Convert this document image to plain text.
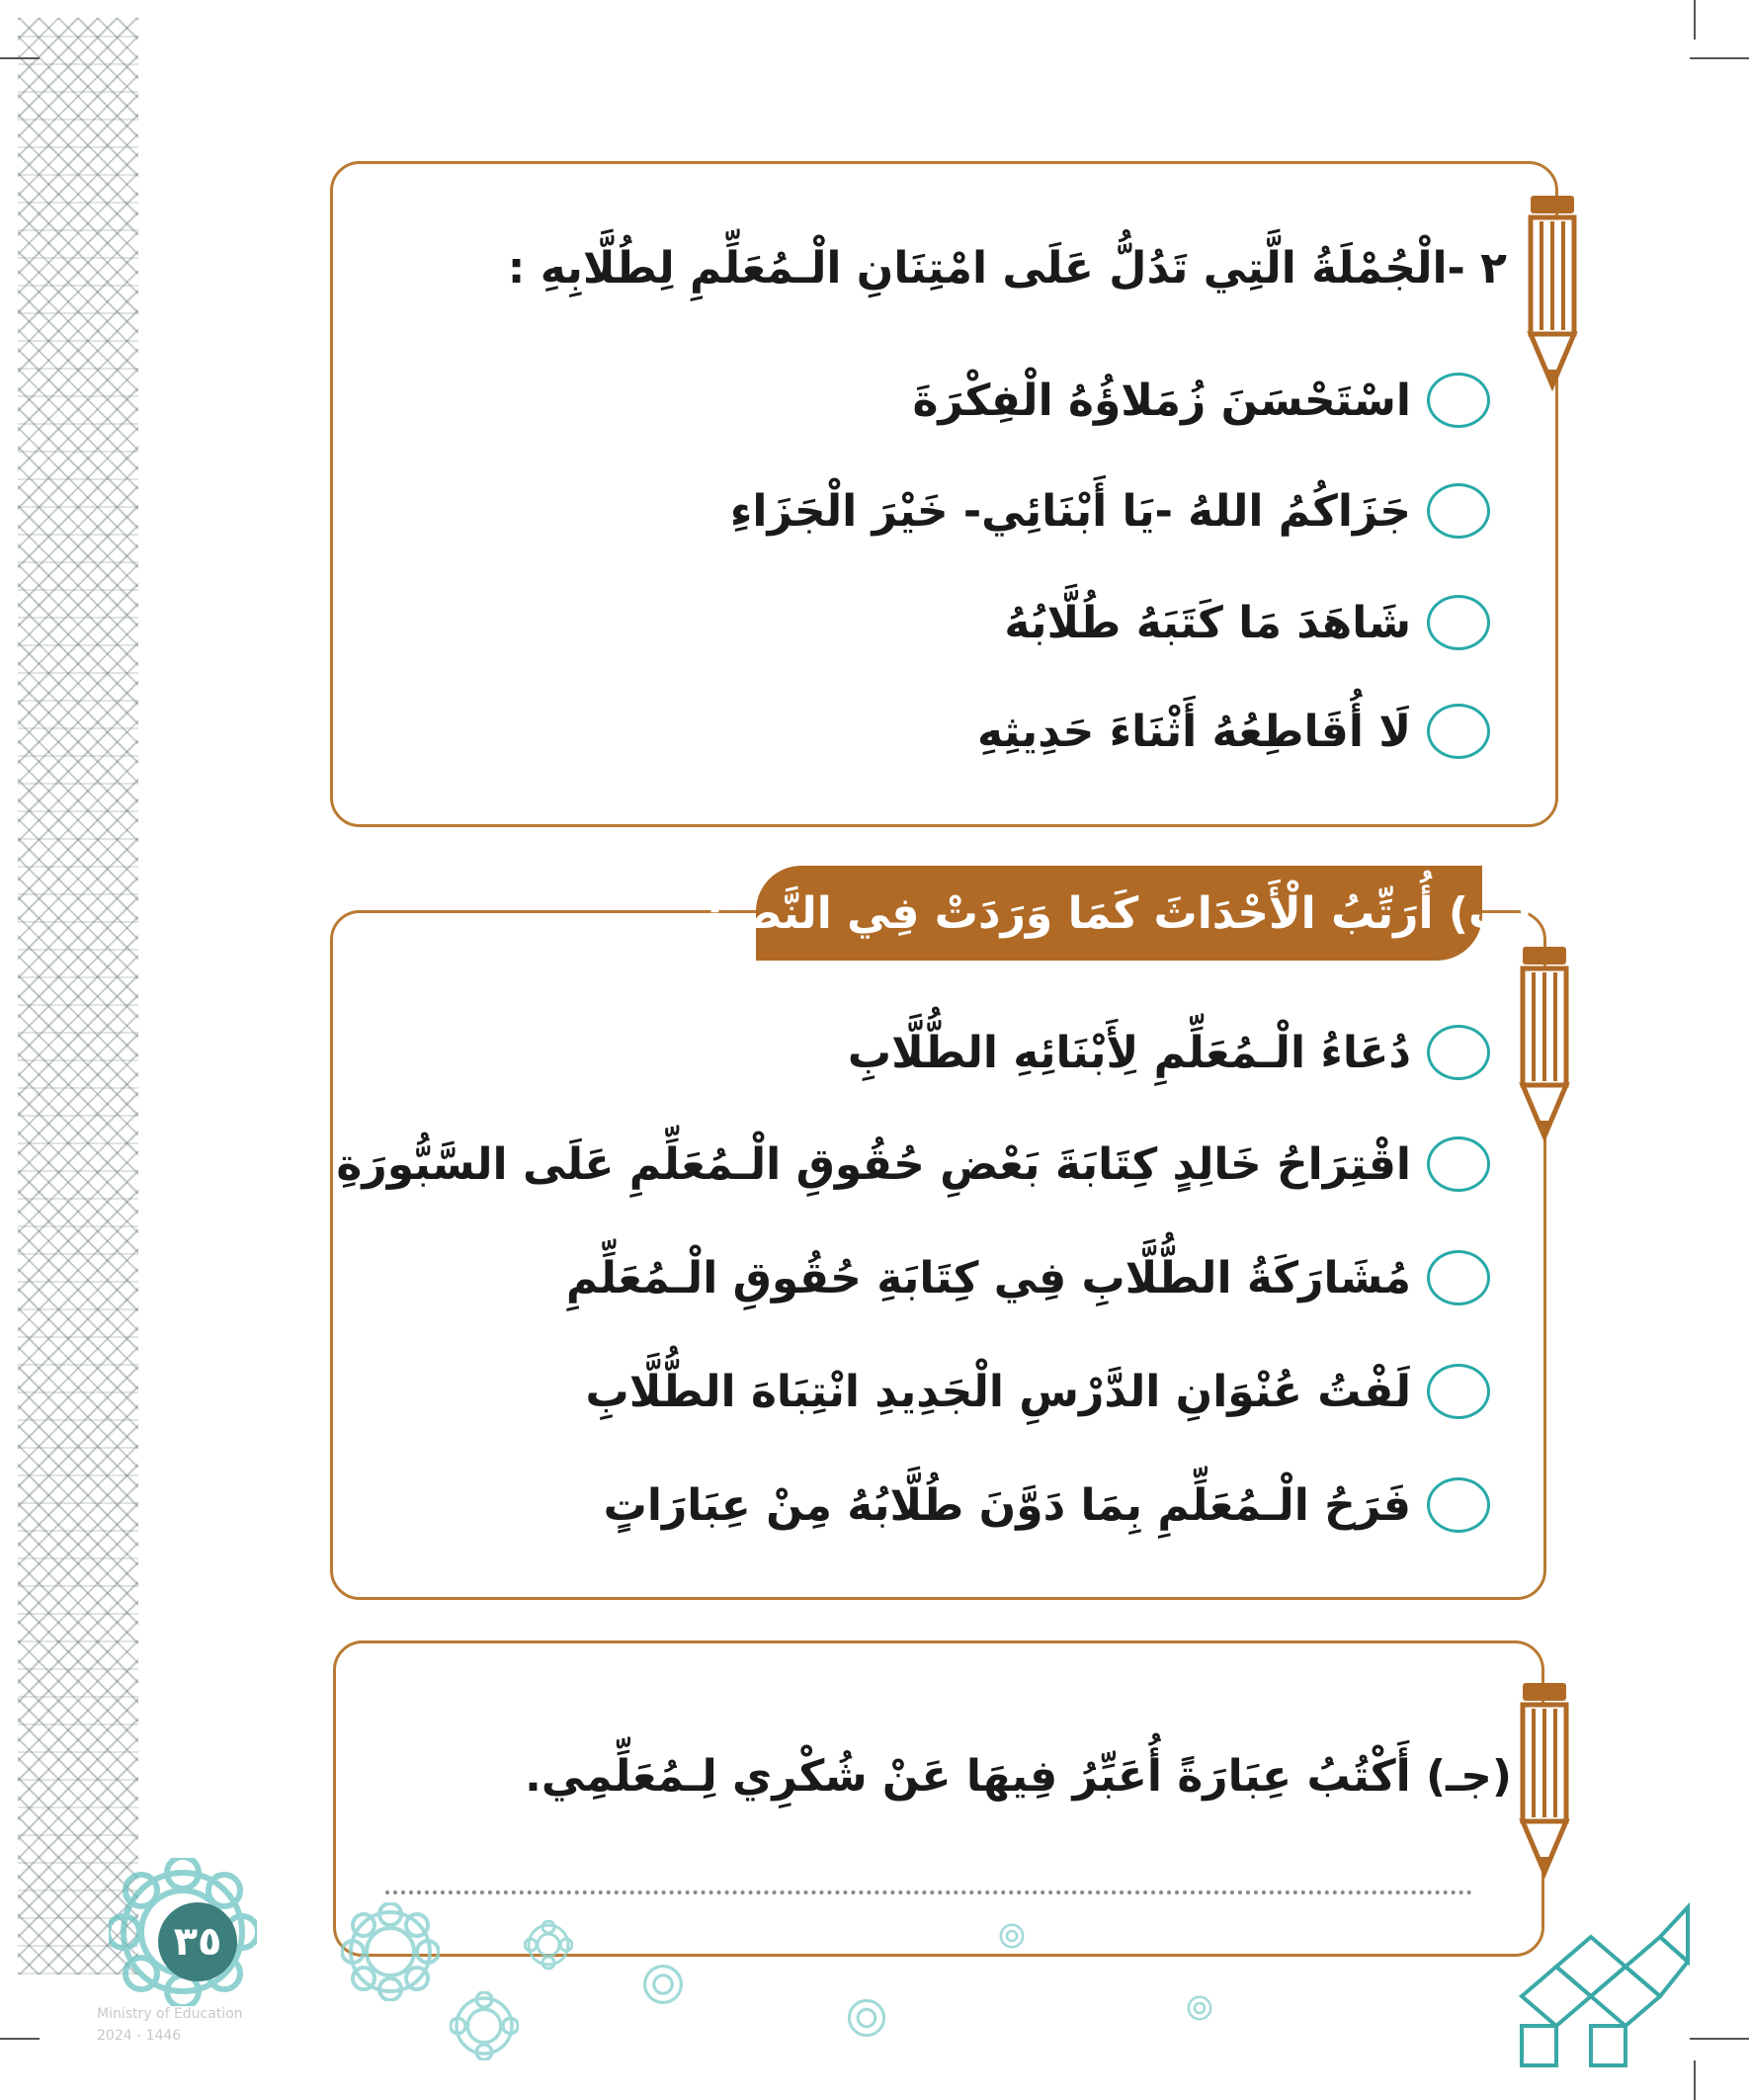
٢ -الْجُمْلَةُ الَّتِي تَدُلُّ عَلَى امْتِنَانِ الْـمُعَلِّمِ لِطُلَّابِهِ :
اسْتَحْسَنَ زُمَلاؤُهُ الْفِكْرَةَ
جَزَاكُمُ اللهُ -يَا أَبْنَائِي- خَيْرَ الْجَزَاءِ
شَاهَدَ مَا كَتَبَهُ طُلَّابُهُ
لَا أُقَاطِعُهُ أَثْنَاءَ حَدِيثِهِ
(ب) أُرَتِّبُ الْأَحْدَاثَ كَمَا وَرَدَتْ فِي النَّصِّ:
دُعَاءُ الْـمُعَلِّمِ لِأَبْنَائِهِ الطُّلَّابِ
اقْتِرَاحُ خَالِدٍ كِتَابَةَ بَعْضِ حُقُوقِ الْـمُعَلِّمِ عَلَى السَّبُّورَةِ
مُشَارَكَةُ الطُّلَّابِ فِي كِتَابَةِ حُقُوقِ الْـمُعَلِّمِ
لَفْتُ عُنْوَانِ الدَّرْسِ الْجَدِيدِ انْتِبَاهَ الطُّلَّابِ
فَرَحُ الْـمُعَلِّمِ بِمَا دَوَّنَ طُلَّابُهُ مِنْ عِبَارَاتٍ
(جـ) أَكْتُبُ عِبَارَةً أُعَبِّرُ فِيهَا عَنْ شُكْرِي لِـمُعَلِّمِي.
٣٥
Ministry of Education
2024 - 1446
